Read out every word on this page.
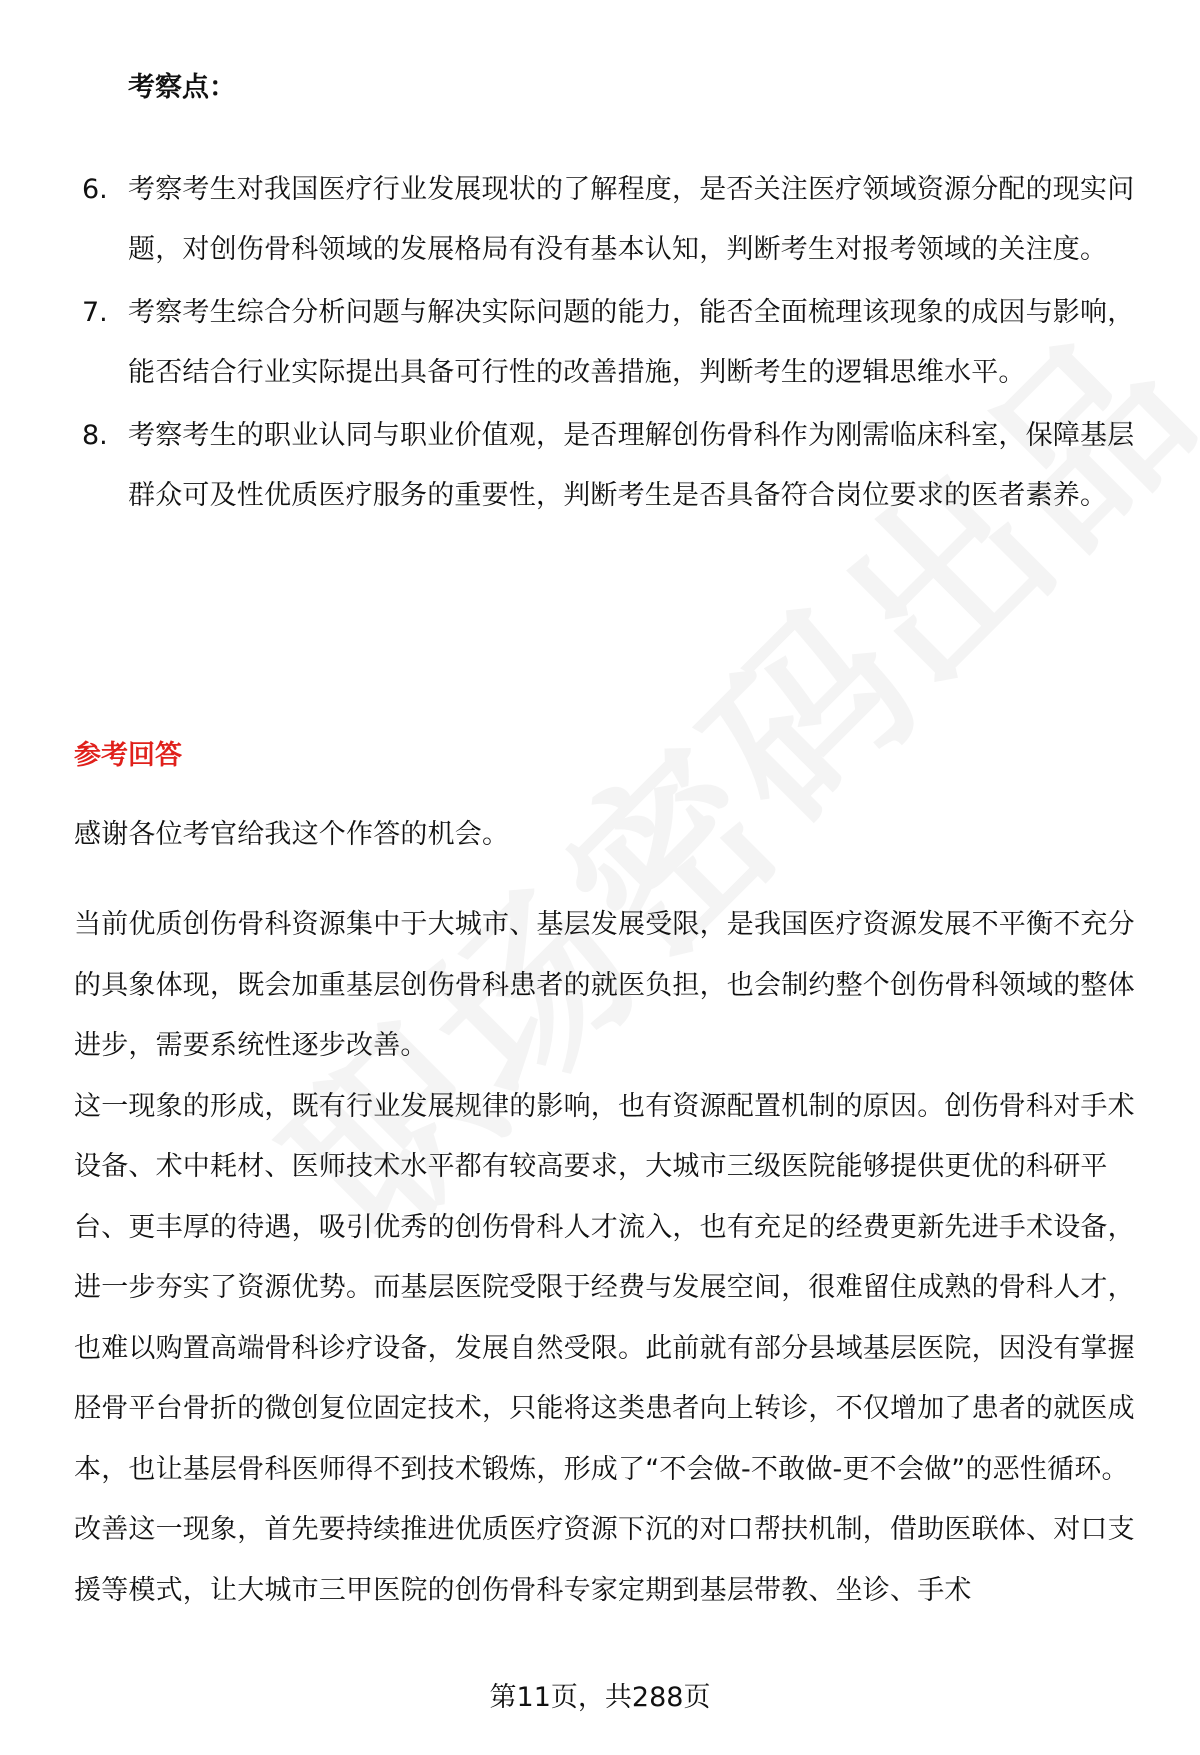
考察点：
6. 考察考生对我国医疗行业发展现状的了解程度，是否关注医疗领域资源分配的现实问题，对创伤骨科领域的发展格局有没有基本认知，判断考生对报考领域的关注度。
7. 考察考生综合分析问题与解决实际问题的能力，能否全面梳理该现象的成因与影响，能否结合行业实际提出具备可行性的改善措施，判断考生的逻辑思维水平。
8. 考察考生的职业认同与职业价值观，是否理解创伤骨科作为刚需临床科室，保障基层群众可及性优质医疗服务的重要性，判断考生是否具备符合岗位要求的医者素养。
参考回答
感谢各位考官给我这个作答的机会。

当前优质创伤骨科资源集中于大城市、基层发展受限，是我国医疗资源发展不平衡不充分的具象体现，既会加重基层创伤骨科患者的就医负担，也会制约整个创伤骨科领域的整体进步，需要系统性逐步改善。

这一现象的形成，既有行业发展规律的影响，也有资源配置机制的原因。创伤骨科对手术设备、术中耗材、医师技术水平都有较高要求，大城市三级医院能够提供更优的科研平台、更丰厚的待遇，吸引优秀的创伤骨科人才流入，也有充足的经费更新先进手术设备，进一步夯实了资源优势。而基层医院受限于经费与发展空间，很难留住成熟的骨科人才，也难以购置高端骨科诊疗设备，发展自然受限。此前就有部分县域基层医院，因没有掌握胫骨平台骨折的微创复位固定技术，只能将这类患者向上转诊，不仅增加了患者的就医成本，也让基层骨科医师得不到技术锻炼，形成了“不会做-不敢做-更不会做”的恶性循环。

改善这一现象，首先要持续推进优质医疗资源下沉的对口帮扶机制，借助医联体、对口支援等模式，让大城市三甲医院的创伤骨科专家定期到基层带教、坐诊、手术

第11页，共288页
